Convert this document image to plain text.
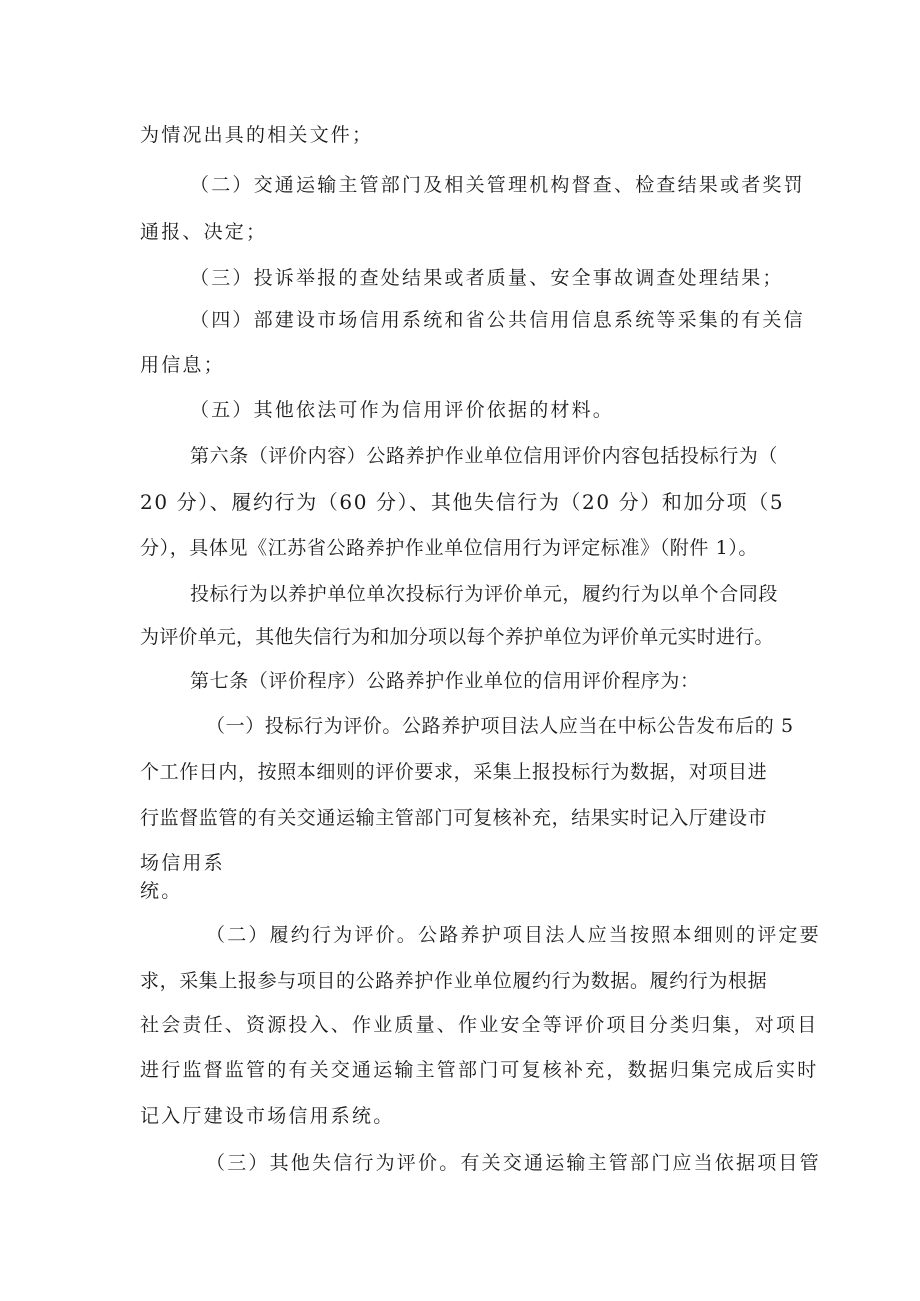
为情况出具的相关文件；
（二）交通运输主管部门及相关管理机构督查、检查结果或者奖罚
通报、决定；
（三）投诉举报的查处结果或者质量、安全事故调查处理结果；
（四）部建设市场信用系统和省公共信用信息系统等采集的有关信
用信息；
（五）其他依法可作为信用评价依据的材料。
第六条（评价内容）公路养护作业单位信用评价内容包括投标行为（
20 分）、履约行为（60 分）、其他失信行为（20 分）和加分项（5
分），具体见《江苏省公路养护作业单位信用行为评定标准》（附件 1）。
投标行为以养护单位单次投标行为评价单元，履约行为以单个合同段
为评价单元，其他失信行为和加分项以每个养护单位为评价单元实时进行。
第七条（评价程序）公路养护作业单位的信用评价程序为：
（一）投标行为评价。公路养护项目法人应当在中标公告发布后的 5
个工作日内，按照本细则的评价要求，采集上报投标行为数据，对项目进
行监督监管的有关交通运输主管部门可复核补充，结果实时记入厅建设市
场信用系
统。
（二）履约行为评价。公路养护项目法人应当按照本细则的评定要
求，采集上报参与项目的公路养护作业单位履约行为数据。履约行为根据
社会责任、资源投入、作业质量、作业安全等评价项目分类归集，对项目
进行监督监管的有关交通运输主管部门可复核补充，数据归集完成后实时
记入厅建设市场信用系统。
（三）其他失信行为评价。有关交通运输主管部门应当依据项目管
